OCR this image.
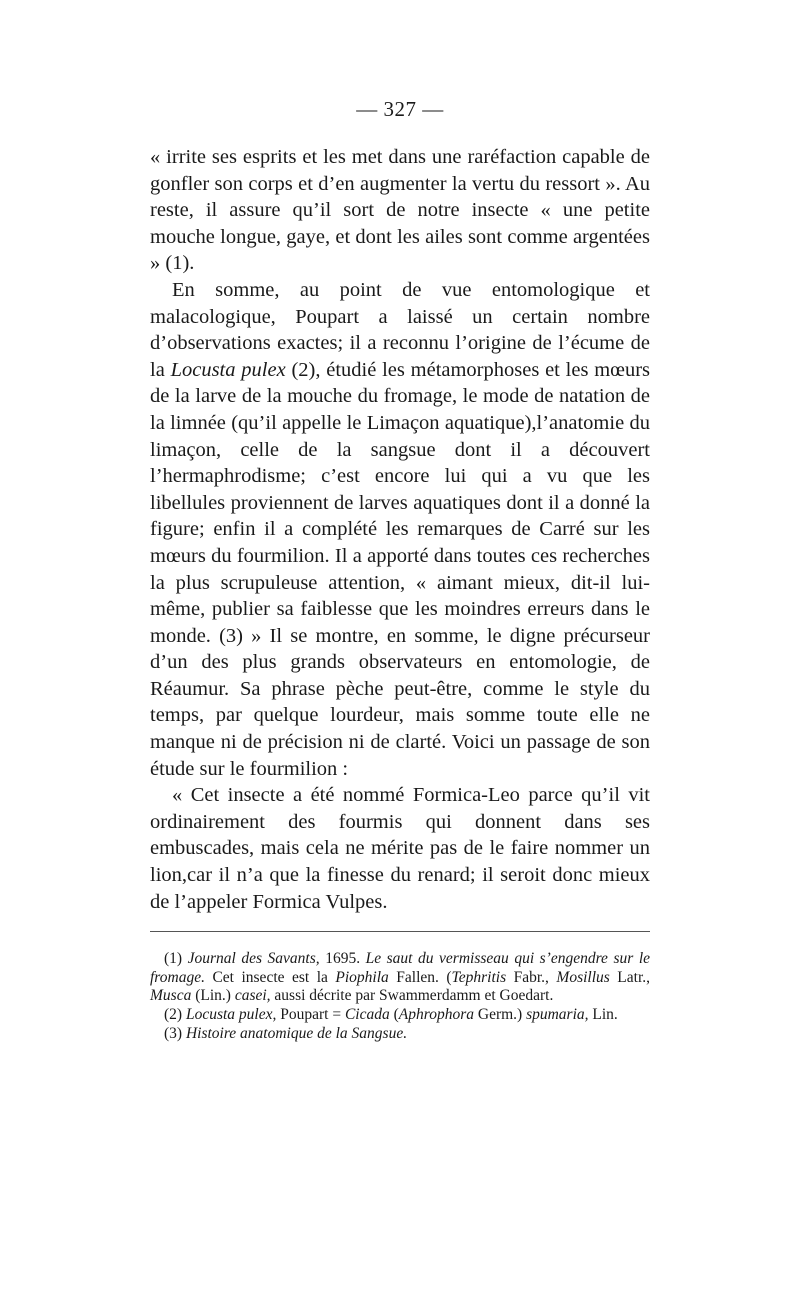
— 327 —

« irrite ses esprits et les met dans une raréfaction capable de gonfler son corps et d’en augmenter la vertu du ressort ». Au reste, il assure qu’il sort de notre insecte « une petite mouche longue, gaye, et dont les ailes sont comme argentées » (1).

En somme, au point de vue entomologique et malacologique, Poupart a laissé un certain nombre d’observations exactes; il a reconnu l’origine de l’écume de la Locusta pulex (2), étudié les métamorphoses et les mœurs de la larve de la mouche du fromage, le mode de natation de la limnée (qu’il appelle le Limaçon aquatique),l’anatomie du limaçon, celle de la sangsue dont il a découvert l’hermaphrodisme; c’est encore lui qui a vu que les libellules proviennent de larves aquatiques dont il a donné la figure; enfin il a complété les remarques de Carré sur les mœurs du fourmilion. Il a apporté dans toutes ces recherches la plus scrupuleuse attention, « aimant mieux, dit-il lui-même, publier sa faiblesse que les moindres erreurs dans le monde. (3) » Il se montre, en somme, le digne précurseur d’un des plus grands observateurs en entomologie, de Réaumur. Sa phrase pèche peut-être, comme le style du temps, par quelque lourdeur, mais somme toute elle ne manque ni de précision ni de clarté. Voici un passage de son étude sur le fourmilion :

« Cet insecte a été nommé Formica-Leo parce qu’il vit ordinairement des fourmis qui donnent dans ses embuscades, mais cela ne mérite pas de le faire nommer un lion,car il n’a que la finesse du renard; il seroit donc mieux de l’appeler Formica Vulpes.

(1) Journal des Savants, 1695. Le saut du vermisseau qui s’engendre sur le fromage. Cet insecte est la Piophila Fallen. (Tephritis Fabr., Mosillus Latr., Musca (Lin.) casei, aussi décrite par Swammerdamm et Goedart.

(2) Locusta pulex, Poupart = Cicada (Aphrophora Germ.) spumaria, Lin.

(3) Histoire anatomique de la Sangsue.
